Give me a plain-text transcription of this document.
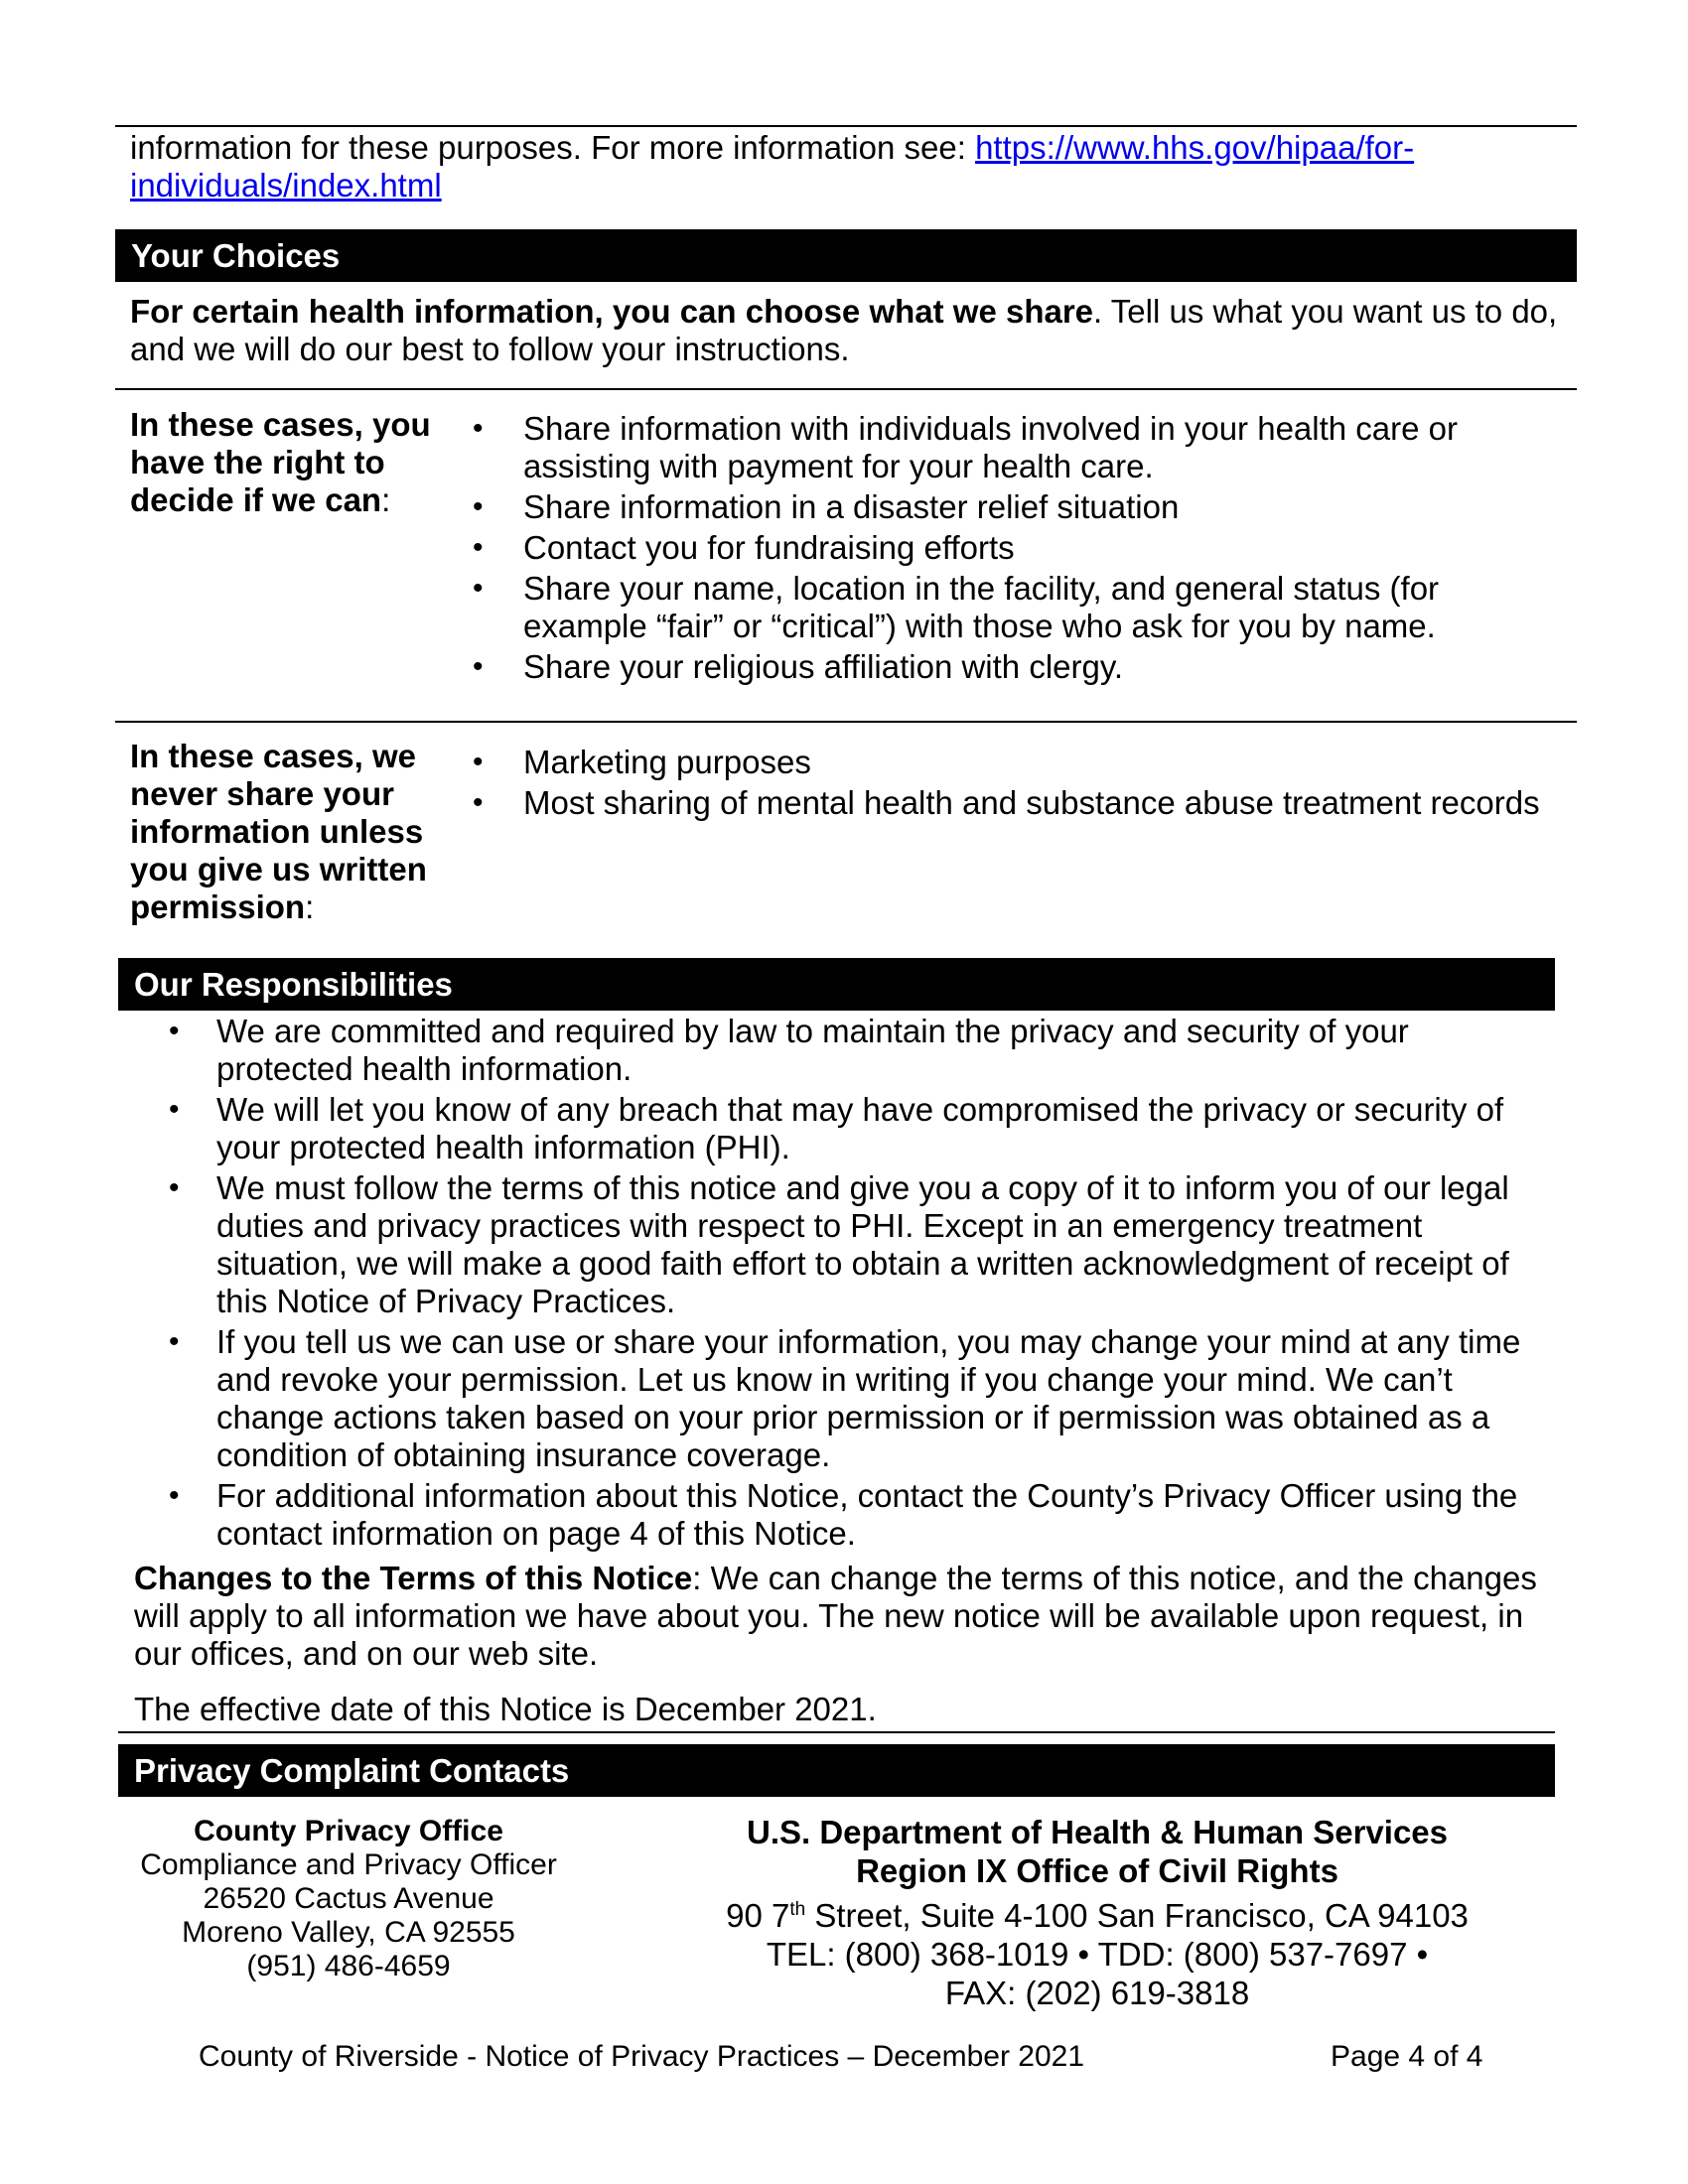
information for these purposes. For more information see: https://www.hhs.gov/hipaa/for-individuals/index.html
Your Choices
For certain health information, you can choose what we share. Tell us what you want us to do, and we will do our best to follow your instructions.
In these cases, you have the right to decide if we can:
• Share information with individuals involved in your health care or assisting with payment for your health care.
• Share information in a disaster relief situation
• Contact you for fundraising efforts
• Share your name, location in the facility, and general status (for example “fair” or “critical”) with those who ask for you by name.
• Share your religious affiliation with clergy.
In these cases, we never share your information unless you give us written permission:
• Marketing purposes
• Most sharing of mental health and substance abuse treatment records
Our Responsibilities
• We are committed and required by law to maintain the privacy and security of your protected health information.
• We will let you know of any breach that may have compromised the privacy or security of your protected health information (PHI).
• We must follow the terms of this notice and give you a copy of it to inform you of our legal duties and privacy practices with respect to PHI. Except in an emergency treatment situation, we will make a good faith effort to obtain a written acknowledgment of receipt of this Notice of Privacy Practices.
• If you tell us we can use or share your information, you may change your mind at any time and revoke your permission. Let us know in writing if you change your mind. We can’t change actions taken based on your prior permission or if permission was obtained as a condition of obtaining insurance coverage.
• For additional information about this Notice, contact the County’s Privacy Officer using the contact information on page 4 of this Notice.
Changes to the Terms of this Notice: We can change the terms of this notice, and the changes will apply to all information we have about you. The new notice will be available upon request, in our offices, and on our web site.
The effective date of this Notice is December 2021.
Privacy Complaint Contacts
County Privacy Office
Compliance and Privacy Officer
26520 Cactus Avenue
Moreno Valley, CA 92555
(951) 486-4659
U.S. Department of Health & Human Services
Region IX Office of Civil Rights
90 7th Street, Suite 4-100 San Francisco, CA 94103
TEL: (800) 368-1019 • TDD: (800) 537-7697 •
FAX: (202) 619-3818
County of Riverside - Notice of Privacy Practices – December 2021	Page 4 of 4
